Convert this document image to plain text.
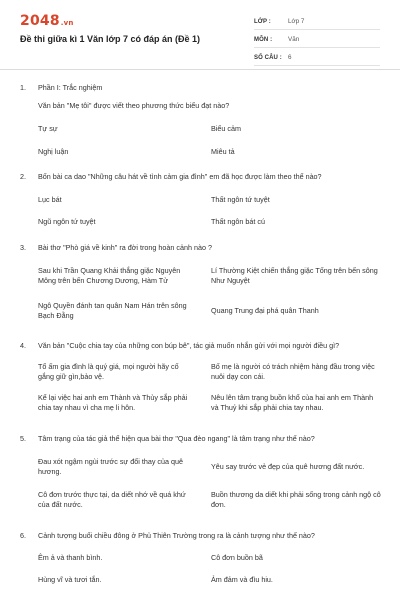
2048.vn
Đề thi giữa kì 1 Văn lớp 7 có đáp án (Đề 1)
LỚP :	Lớp 7
MÔN :	Văn
SỐ CÂU : 6
1.	Phần I: Trắc nghiệm
Văn bản "Mẹ tôi" được viết theo phương thức biểu đạt nào?
Tự sự	Biểu cảm
Nghị luận	Miêu tả
2.	Bốn bài ca dao "Những câu hát về tình cảm gia đình" em đã học được làm theo thể nào?
Lục bát	Thất ngôn tứ tuyệt
Ngũ ngôn tứ tuyệt	Thất ngôn bát cú
3.	Bài thơ "Phò giá về kinh" ra đời trong hoàn cảnh nào ?
Sau khi Trần Quang Khải thắng giặc Nguyên Mông trên bến Chương Dương, Hàm Tử
Lí Thường Kiệt chiến thắng giặc Tống trên bến sông Như Nguyệt
Ngô Quyền đánh tan quân Nam Hán trên sông Bạch Đằng
Quang Trung đại phá quân Thanh
4.	Văn bản "Cuộc chia tay của những con búp bê", tác giả muốn nhắn gửi với mọi người điều gì?
Tổ ấm gia đình là quý giá, mọi người hãy cố gắng giữ gìn,bảo vệ.
Bố mẹ là người có trách nhiệm hàng đầu trong việc nuôi dạy con cái.
Kể lại việc hai anh em Thành và Thủy sắp phải chia tay nhau vì cha mẹ li hôn.
Nêu lên tâm trạng buồn khổ của hai anh em Thành và Thuỷ khi sắp phải chia tay nhau.
5.	Tâm trạng của tác giả thể hiện qua bài thơ "Qua đèo ngang" là tâm trạng như thế nào?
Đau xót ngậm ngùi trước sự đổi thay của quê hương.
Yêu say trước vẻ đẹp của quê hương đất nước.
Cô đơn trước thực tại, da diết nhớ về quá khứ của đất nước.
Buồn thương da diết khi phải sống trong cảnh ngộ cô đơn.
6.	Cảnh tượng buổi chiều đông ở Phủ Thiên Trường trong ra là cảnh tượng như thế nào?
Êm ả và thanh bình.	Cô đơn buồn bã
Hùng vĩ và tươi tắn.	Ảm đảm và đìu hiu.
